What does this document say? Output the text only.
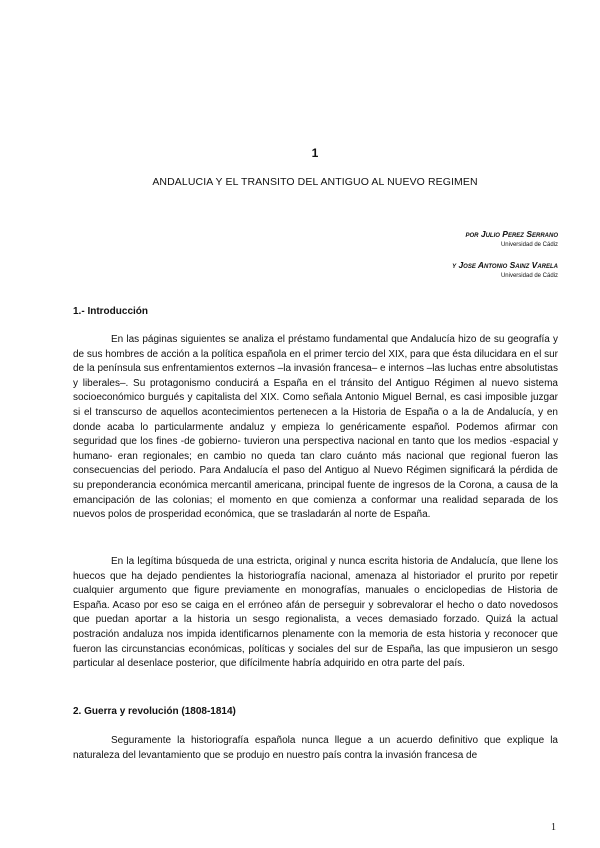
1
ANDALUCIA Y EL TRANSITO DEL ANTIGUO AL NUEVO REGIMEN
por Julio Perez Serrano
Universidad de Cádiz
y Jose Antonio Sainz Varela
Universidad de Cádiz
1.- Introducción

En las páginas siguientes se analiza el préstamo fundamental que Andalucía hizo de su geografía y de sus hombres de acción a la política española en el primer tercio del XIX, para que ésta dilucidara en el sur de la península sus enfrentamientos externos –la invasión francesa– e internos –las luchas entre absolutistas y liberales–. Su protagonismo conducirá a España en el tránsito del Antiguo Régimen al nuevo sistema socioeconómico burgués y capitalista del XIX. Como señala Antonio Miguel Bernal, es casi imposible juzgar si el transcurso de aquellos acontecimientos pertenecen a la Historia de España o a la de Andalucía, y en donde acaba lo particularmente andaluz y empieza lo genéricamente español. Podemos afirmar con seguridad que los fines -de gobierno- tuvieron una perspectiva nacional en tanto que los medios -espacial y humano- eran regionales; en cambio no queda tan claro cuánto más nacional que regional fueron las consecuencias del periodo. Para Andalucía el paso del Antiguo al Nuevo Régimen significará la pérdida de su preponderancia económica mercantil americana, principal fuente de ingresos de la Corona, a causa de la emancipación de las colonias; el momento en que comienza a conformar una realidad separada de los nuevos polos de prosperidad económica, que se trasladarán al norte de España.

En la legítima búsqueda de una estricta, original y nunca escrita historia de Andalucía, que llene los huecos que ha dejado pendientes la historiografía nacional, amenaza al historiador el prurito por repetir cualquier argumento que figure previamente en monografías, manuales o enciclopedias de Historia de España. Acaso por eso se caiga en el erróneo afán de perseguir y sobrevalorar el hecho o dato novedosos que puedan aportar a la historia un sesgo regionalista, a veces demasiado forzado. Quizá la actual postración andaluza nos impida identificarnos plenamente con la memoria de esta historia y reconocer que fueron las circunstancias económicas, políticas y sociales del sur de España, las que impusieron un sesgo particular al desenlace posterior, que difícilmente habría adquirido en otra parte del país.

2. Guerra y revolución (1808-1814)

Seguramente la historiografía española nunca llegue a un acuerdo definitivo que explique la naturaleza del levantamiento que se produjo en nuestro país contra la invasión francesa de

1
